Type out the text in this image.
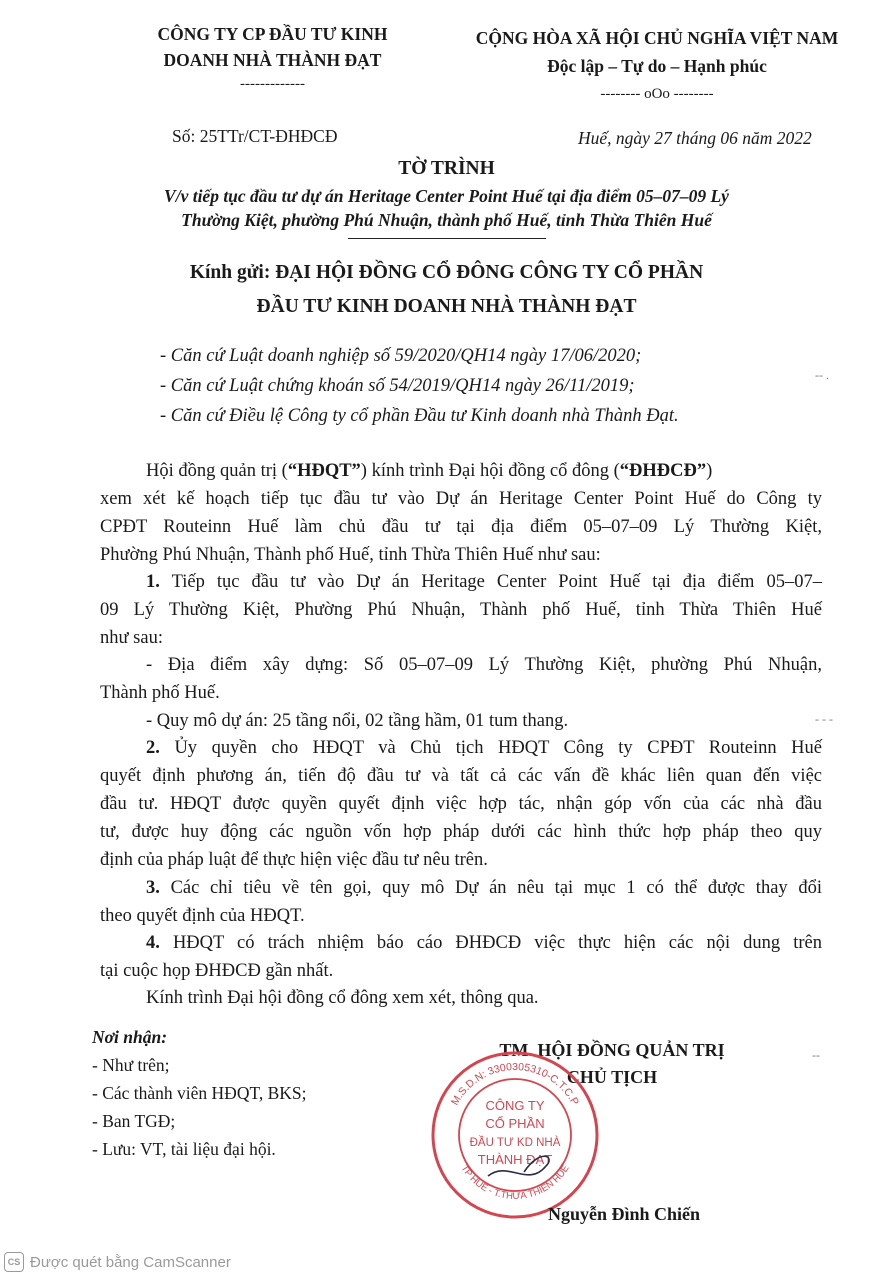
CÔNG TY CP ĐẦU TƯ KINH
DOANH NHÀ THÀNH ĐẠT
-------------
Số: 25TTr/CT-ĐHĐCĐ
CỘNG HÒA XÃ HỘI CHỦ NGHĨA VIỆT NAM
Độc lập – Tự do – Hạnh phúc
-------- oOo --------
Huế, ngày 27 tháng 06 năm 2022
TỜ TRÌNH
V/v tiếp tục đầu tư dự án Heritage Center Point Huế tại địa điểm 05–07–09 Lý
Thường Kiệt, phường Phú Nhuận, thành phố Huế, tỉnh Thừa Thiên Huế
Kính gửi: ĐẠI HỘI ĐỒNG CỔ ĐÔNG CÔNG TY CỔ PHẦN
ĐẦU TƯ KINH DOANH NHÀ THÀNH ĐẠT
- Căn cứ Luật doanh nghiệp số 59/2020/QH14 ngày 17/06/2020;
- Căn cứ Luật chứng khoán số 54/2019/QH14 ngày 26/11/2019;
- Căn cứ Điều lệ Công ty cổ phần Đầu tư Kinh doanh nhà Thành Đạt.
-- .
Hội đồng quản trị (“HĐQT”) kính trình Đại hội đồng cổ đông (“ĐHĐCĐ”)
xem xét kế hoạch tiếp tục đầu tư vào Dự án Heritage Center Point Huế do Công ty
CPĐT Routeinn Huế làm chủ đầu tư tại địa điểm 05–07–09 Lý Thường Kiệt,
Phường Phú Nhuận, Thành phố Huế, tỉnh Thừa Thiên Huế như sau:
1. Tiếp tục đầu tư vào Dự án Heritage Center Point Huế tại địa điểm 05–07–
09 Lý Thường Kiệt, Phường Phú Nhuận, Thành phố Huế, tỉnh Thừa Thiên Huế
như sau:
- Địa điểm xây dựng: Số 05–07–09 Lý Thường Kiệt, phường Phú Nhuận,
Thành phố Huế.
- Quy mô dự án: 25 tầng nổi, 02 tầng hầm, 01 tum thang.	- - -
2. Ủy quyền cho HĐQT và Chủ tịch HĐQT Công ty CPĐT Routeinn Huế
quyết định phương án, tiến độ đầu tư và tất cả các vấn đề khác liên quan đến việc
đầu tư. HĐQT được quyền quyết định việc hợp tác, nhận góp vốn của các nhà đầu
tư, được huy động các nguồn vốn hợp pháp dưới các hình thức hợp pháp theo quy
định của pháp luật để thực hiện việc đầu tư nêu trên.
3. Các chỉ tiêu về tên gọi, quy mô Dự án nêu tại mục 1 có thể được thay đổi
theo quyết định của HĐQT.
4. HĐQT có trách nhiệm báo cáo ĐHĐCĐ việc thực hiện các nội dung trên
tại cuộc họp ĐHĐCĐ gần nhất.
Kính trình Đại hội đồng cổ đông xem xét, thông qua.
Nơi nhận:
- Như trên;
- Các thành viên HĐQT, BKS;
- Ban TGĐ;
- Lưu: VT, tài liệu đại hội.
TM. HỘI ĐỒNG QUẢN TRỊ
CHỦ TỊCH
--
M.S.D.N: 3300305310-C.T.C.P
TP HUẾ - T.THỪA THIÊN HUẾ
CÔNG TY
CỔ PHẦN
ĐẦU TƯ KD NHÀ
THÀNH ĐẠT
Nguyễn Đình Chiến
CS Được quét bằng CamScanner
